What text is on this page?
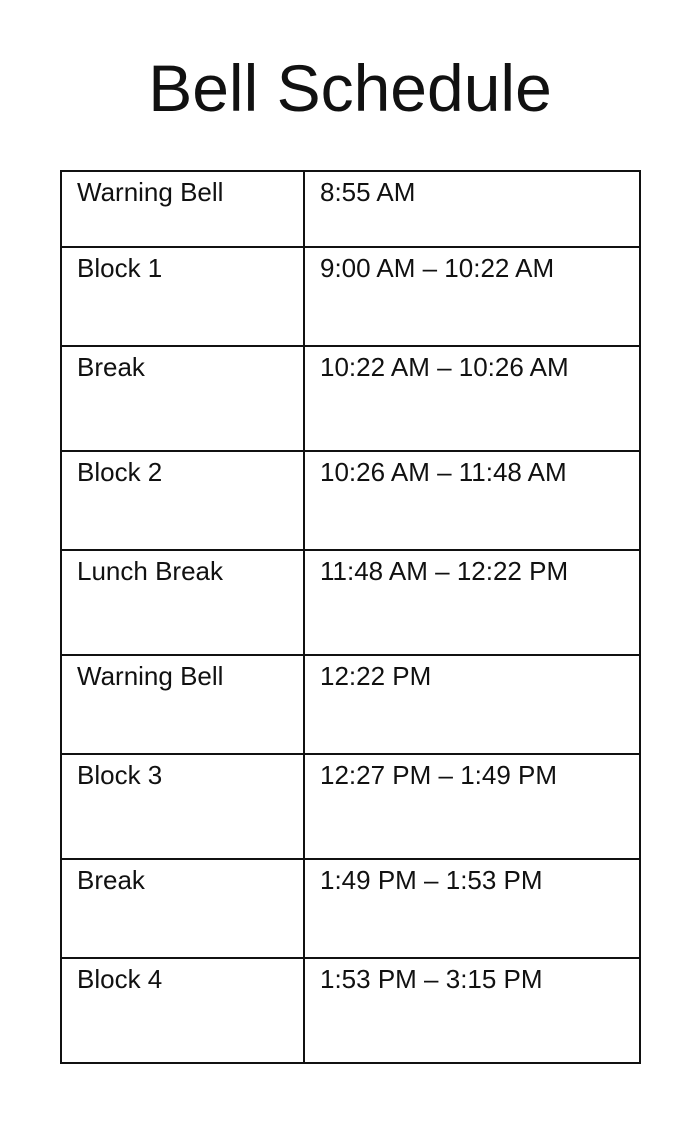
Bell Schedule
Warning Bell	8:55 AM
Block 1	9:00 AM – 10:22 AM
Break	10:22 AM – 10:26 AM
Block 2	10:26 AM – 11:48 AM
Lunch Break	11:48 AM – 12:22 PM
Warning Bell	12:22 PM
Block 3	12:27 PM – 1:49 PM
Break	1:49 PM – 1:53 PM
Block 4	1:53 PM – 3:15 PM
